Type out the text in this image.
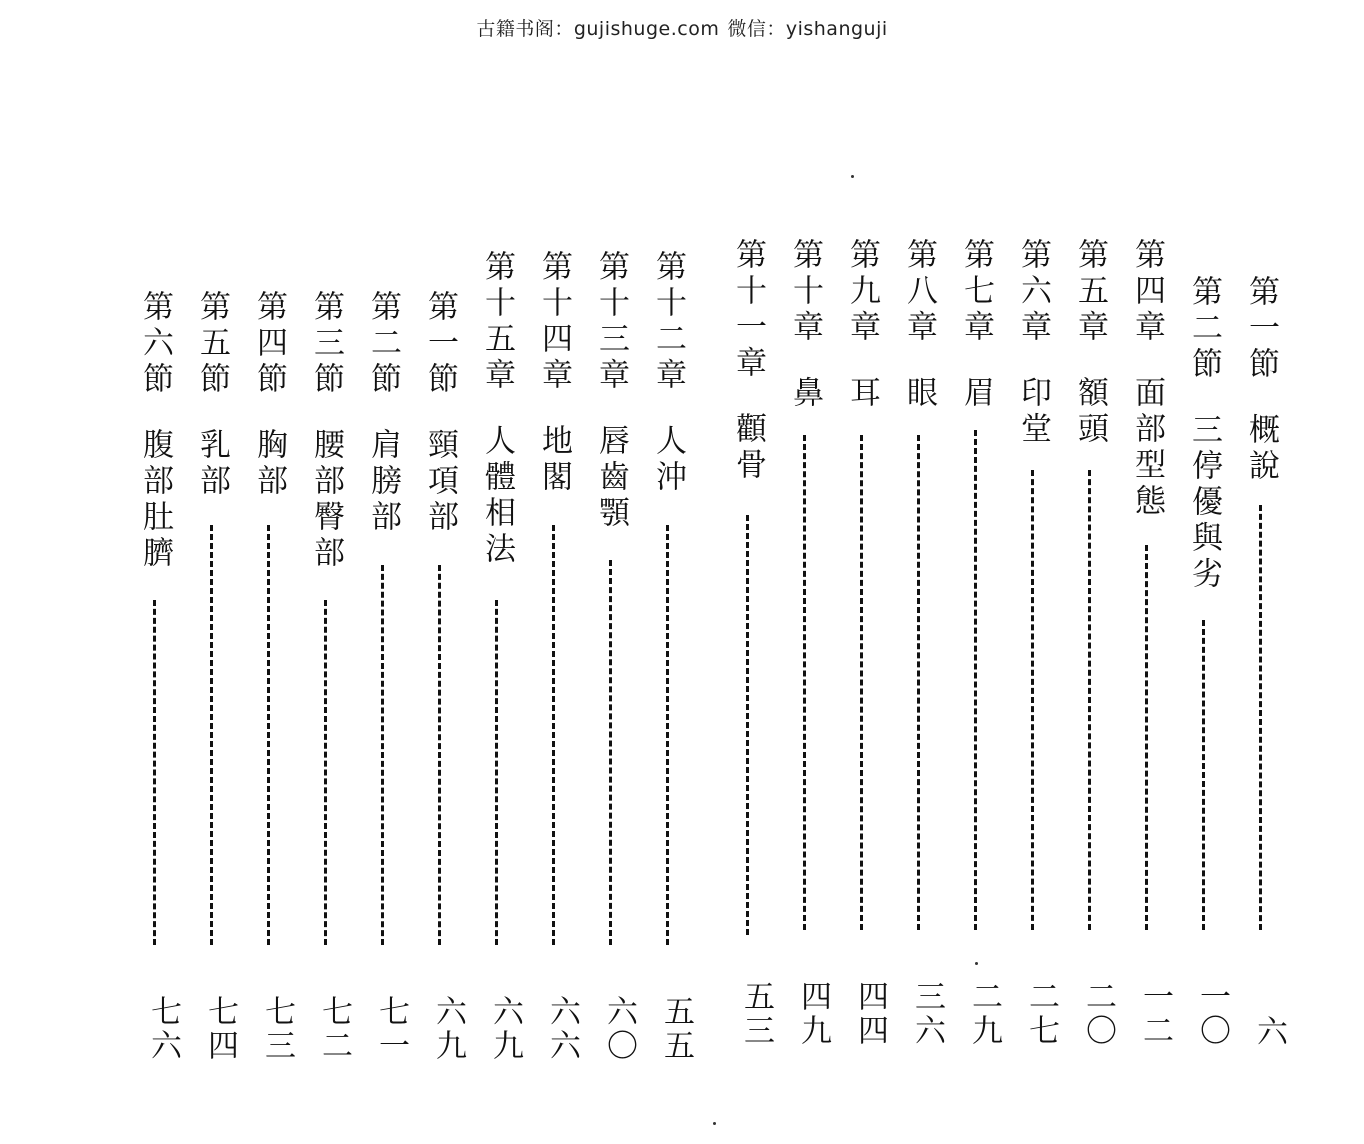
古籍书阁：gujishuge.com 微信：yishanguji
第一節概說
六
第二節三停優與劣
一〇
第四章面部型態
一二
第五章額頭
二〇
第六章印堂
二七
第七章眉
二九
第八章眼
三六
第九章耳
四四
第十章鼻
四九
第十一章顴骨
五三
第十二章人沖
五五
第十三章唇齒顎
六〇
第十四章地閣
六六
第十五章人體相法
六九
第一節頸項部
六九
第二節肩膀部
七一
第三節腰部臀部
七二
第四節胸部
七三
第五節乳部
七四
第六節腹部肚臍
七六
